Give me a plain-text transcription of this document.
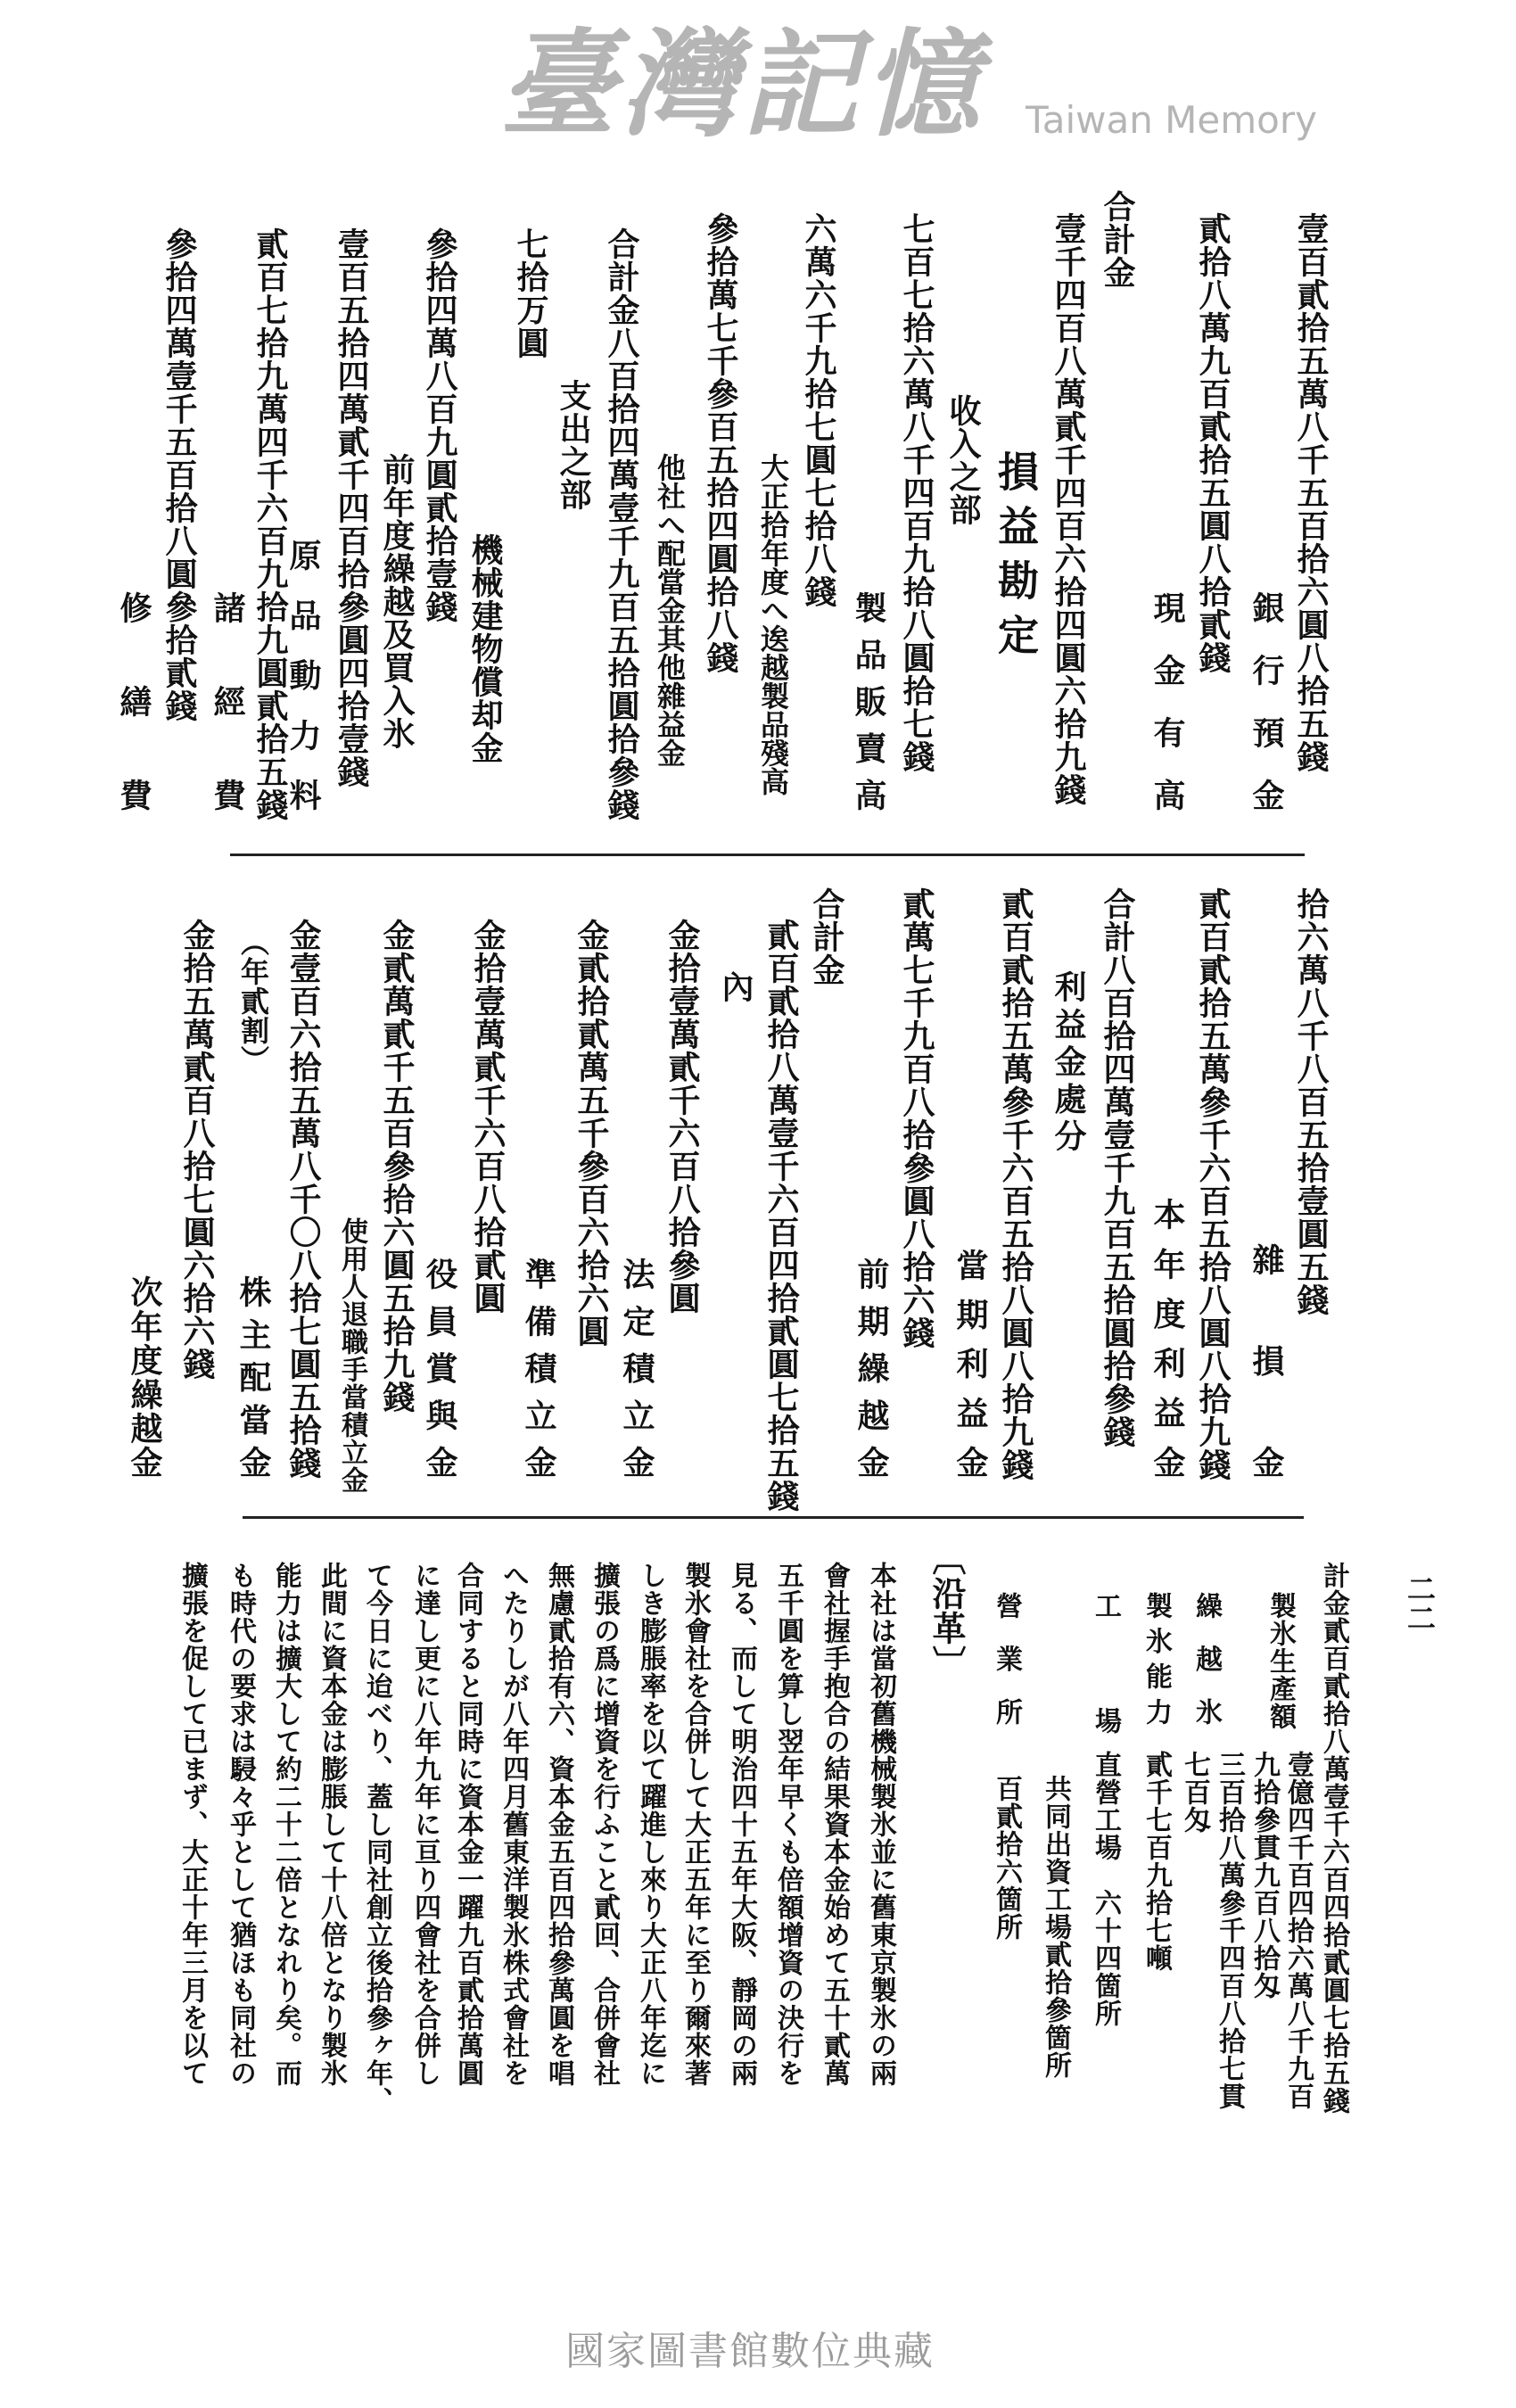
二二
壹百貳拾五萬八千五百拾六圓八拾五錢
銀行預金
貳拾八萬九百貳拾五圓八拾貳錢
現金有高
合計金
壹千四百八萬貳千四百六拾四圓六拾九錢
損益勘定
收入之部
七百七拾六萬八千四百九拾八圓拾七錢
製品販賣高
六萬六千九拾七圓七拾八錢
大正拾年度へ逘越製品殘高
參拾萬七千參百五拾四圓拾八錢
他社へ配當金其他雜益金
合計金八百拾四萬壹千九百五拾圓拾參錢
支出之部
七拾万圓
機械建物償却金
參拾四萬八百九圓貳拾壹錢
前年度繰越及買入氷
壹百五拾四萬貳千四百拾參圓四拾壹錢
原品動力料
貳百七拾九萬四千六百九拾九圓貳拾五錢
諸經費
參拾四萬壹千五百拾八圓參拾貳錢
修繕費
拾六萬八千八百五拾壹圓五錢
雜損金
貳百貳拾五萬參千六百五拾八圓八拾九錢
本年度利益金
合計八百拾四萬壹千九百五拾圓拾參錢
利益金處分
貳百貳拾五萬參千六百五拾八圓八拾九錢
當期利益金
貳萬七千九百八拾參圓八拾六錢
前期繰越金
合計金
貳百貳拾八萬壹千六百四拾貳圓七拾五錢
內
金拾壹萬貳千六百八拾參圓
法定積立金
金貳拾貳萬五千參百六拾六圓
準備積立金
金拾壹萬貳千六百八拾貳圓
役員賞與金
金貳萬貳千五百參拾六圓五拾九錢
使用人退職手當積立金
金壹百六拾五萬八千〇八拾七圓五拾錢
（年貳割）
株主配當金
金拾五萬貳百八拾七圓六拾六錢
次年度繰越金
計金貳百貳拾八萬壹千六百四拾貳圓七拾五錢
製氷生產額
壹億四千百四拾六萬八千九百
九拾參貫九百八拾匁
繰越氷
三百拾八萬參千四百八拾七貫
七百匁
製氷能力
貳千七百九拾七噸
工場
直營工場　六十四箇所
共同出資工場貳拾參箇所
營業所
百貳拾六箇所
〔沿革〕
本社は當初舊機械製氷並に舊東京製氷の兩
會社握手抱合の結果資本金始めて五十貳萬
五千圓を算し翌年早くも倍額增資の決行を
見る、而して明治四十五年大阪、靜岡の兩
製氷會社を合併して大正五年に至り爾來著
しき膨脹率を以て躍進し來り大正八年迄に
擴張の爲に增資を行ふこと貳回、合併會社
無慮貳拾有六、資本金五百四拾參萬圓を唱
へたりしが八年四月舊東洋製氷株式會社を
合同すると同時に資本金一躍九百貳拾萬圓
に達し更に八年九年に亘り四會社を合併し
て今日に迨べり、蓋し同社創立後拾參ヶ年、
此間に資本金は膨脹して十八倍となり製氷
能力は擴大して約二十二倍となれり矣。而
も時代の要求は駸々乎として猶ほも同社の
擴張を促して已まず、大正十年三月を以て
臺灣記憶 Taiwan Memory
國家圖書館數位典藏
